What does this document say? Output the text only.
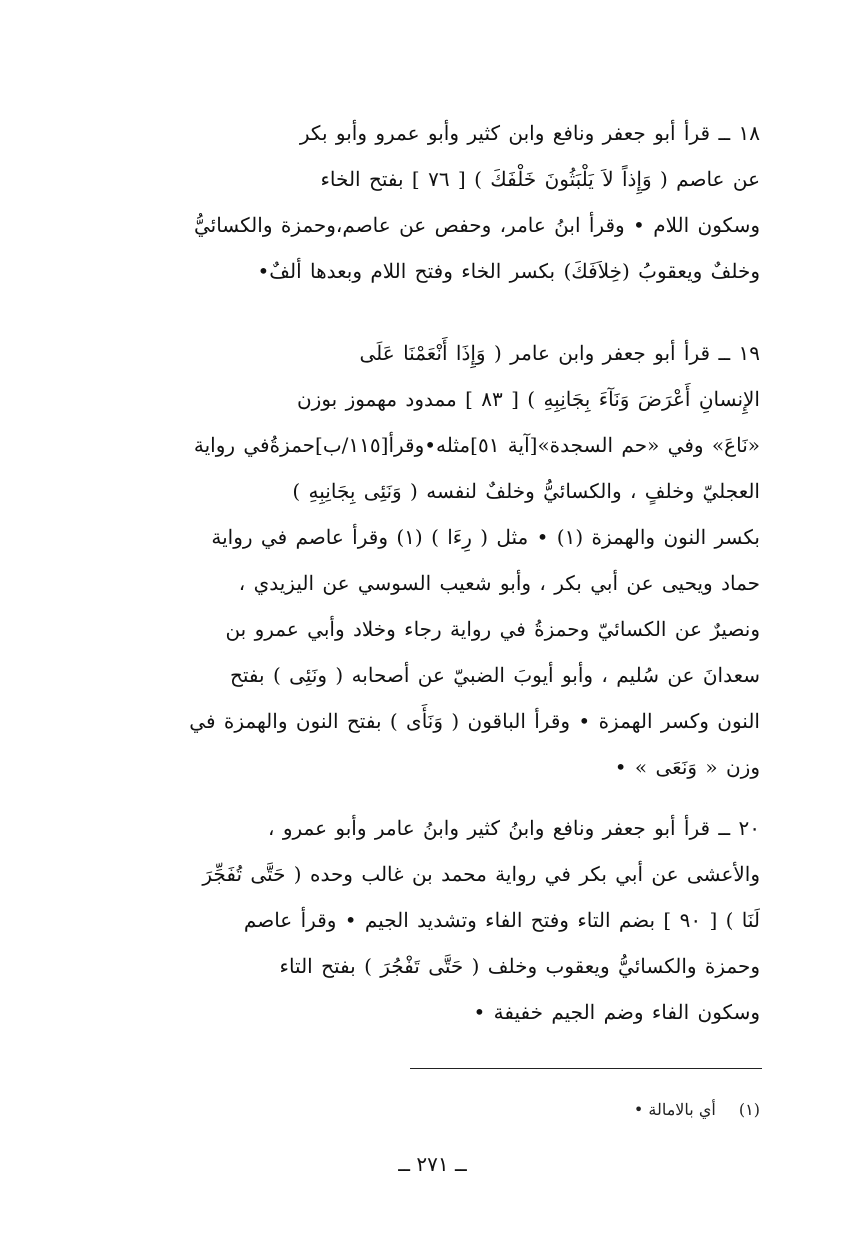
١٨ ــ قرأ أبو جعفر ونافع وابن كثير وأبو عمرو وأبو بكر
عن عاصم ( وَإِذاً لاَ يَلْبَثُونَ خَلْفَكَ ) [ ٧٦ ] بفتح الخاء
وسكون اللام • وقرأ ابنُ عامر، وحفص عن عاصم،وحمزة والكسائيُّ
وخلفٌ ويعقوبُ (خِلاَفَكَ) بكسر الخاء وفتح اللام وبعدها ألفٌ•
١٩ ــ قرأ أبو جعفر وابن عامر ( وَإِذَا أَنْعَمْنَا عَلَى
الإِنسانِ أَعْرَضَ وَنَآءَ بِجَانِبِهِ ) [ ٨٣ ] ممدود مهموز بوزن
«نَاعَ» وفي «حم السجدة»[آية ٥١]مثله•وقرأ[١١٥/ب]حمزةُفي رواية
العجليّ وخلفٍ ، والكسائيُّ وخلفٌ لنفسه ( وَنَئِى بِجَانِبِهِ )
بكسر النون والهمزة (١) • مثل ( رِءَا ) (١) وقرأ عاصم في رواية
حماد ويحيى عن أبي بكر ، وأبو شعيب السوسي عن اليزيدي ،
ونصيرٌ عن الكسائيّ وحمزةُ في رواية رجاء وخلاد وأبي عمرو بن
سعدانَ عن سُليم ، وأبو أيوبَ الضبيّ عن أصحابه ( ونَئِى ) بفتح
النون وكسر الهمزة • وقرأ الباقون ( وَنَأَى ) بفتح النون والهمزة في
وزن « وَنَعَى » •
٢٠ ــ قرأ أبو جعفر ونافع وابنُ كثير وابنُ عامر وأبو عمرو ،
والأعشى عن أبي بكر في رواية محمد بن غالب وحده ( حَتَّى تُفَجِّرَ
لَنَا ) [ ٩٠ ] بضم التاء وفتح الفاء وتشديد الجيم • وقرأ عاصم
وحمزة والكسائيُّ ويعقوب وخلف ( حَتَّى تَفْجُرَ ) بفتح التاء
وسكون الفاء وضم الجيم خفيفة •
(١) أي بالامالة •
ــ ٢٧١ ــ
